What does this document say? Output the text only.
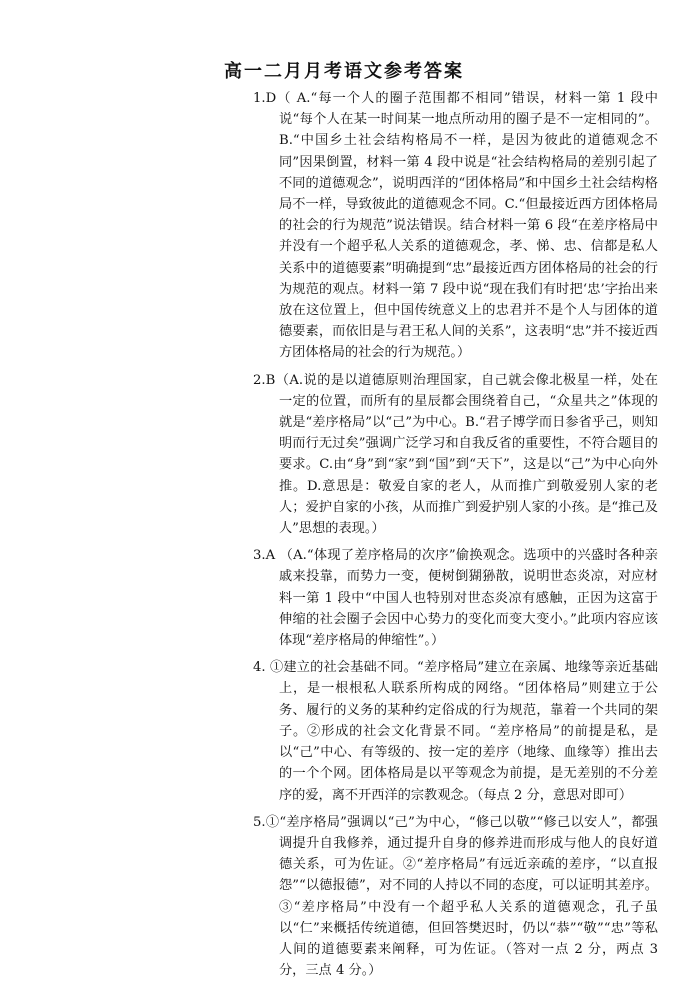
高一二月月考语文参考答案
1.D（ A.“每一个人的圈子范围都不相同”错误，材料一第 1 段中说“每个人在某一时间某一地点所动用的圈子是不一定相同的”。B.“中国乡土社会结构格局不一样，是因为彼此的道德观念不同”因果倒置，材料一第 4 段中说是“社会结构格局的差别引起了不同的道德观念”，说明西洋的“团体格局”和中国乡土社会结构格局不一样，导致彼此的道德观念不同。C.“但最接近西方团体格局的社会的行为规范”说法错误。结合材料一第 6 段“在差序格局中并没有一个超乎私人关系的道德观念，孝、悌、忠、信都是私人关系中的道德要素”明确提到“忠”最接近西方团体格局的社会的行为规范的观点。材料一第 7 段中说“现在我们有时把‘忠’字抬出来放在这位置上，但中国传统意义上的忠君并不是个人与团体的道德要素，而依旧是与君王私人间的关系”，这表明“忠”并不接近西方团体格局的社会的行为规范。）
2.B（A.说的是以道德原则治理国家，自己就会像北极星一样，处在一定的位置，而所有的星辰都会围绕着自己，“众星共之”体现的就是“差序格局”以“己”为中心。B.“君子博学而日参省乎己，则知明而行无过矣”强调广泛学习和自我反省的重要性，不符合题目的要求。C.由“身”到“家”到“国”到“天下”，这是以“己”为中心向外推。D.意思是：敬爱自家的老人，从而推广到敬爱别人家的老人；爱护自家的小孩，从而推广到爱护别人家的小孩。是“推己及人”思想的表现。）
3.A （A.“体现了差序格局的次序”偷换观念。选项中的兴盛时各种亲戚来投靠，而势力一变，便树倒猢狲散，说明世态炎凉，对应材料一第 1 段中“中国人也特别对世态炎凉有感触，正因为这富于伸缩的社会圈子会因中心势力的变化而变大变小。”此项内容应该体现“差序格局的伸缩性”。）
4. ①建立的社会基础不同。“差序格局”建立在亲属、地缘等亲近基础上，是一根根私人联系所构成的网络。“团体格局”则建立于公务、履行的义务的某种约定俗成的行为规范，靠着一个共同的架子。②形成的社会文化背景不同。“差序格局”的前提是私，是以“己”中心、有等级的、按一定的差序（地缘、血缘等）推出去的一个个网。团体格局是以平等观念为前提，是无差别的不分差序的爱，离不开西洋的宗教观念。（每点 2 分，意思对即可）
5.①“差序格局”强调以“己”为中心，“修己以敬”“修己以安人”，都强调提升自我修养，通过提升自身的修养进而形成与他人的良好道德关系，可为佐证。②“差序格局”有远近亲疏的差序，“以直报怨”“以德报德”，对不同的人持以不同的态度，可以证明其差序。③“差序格局”中没有一个超乎私人关系的道德观念，孔子虽以“仁”来概括传统道德，但回答樊迟时，仍以“恭”“敬”“忠”等私人间的道德要素来阐释，可为佐证。（答对一点 2 分，两点 3 分，三点 4 分。）
